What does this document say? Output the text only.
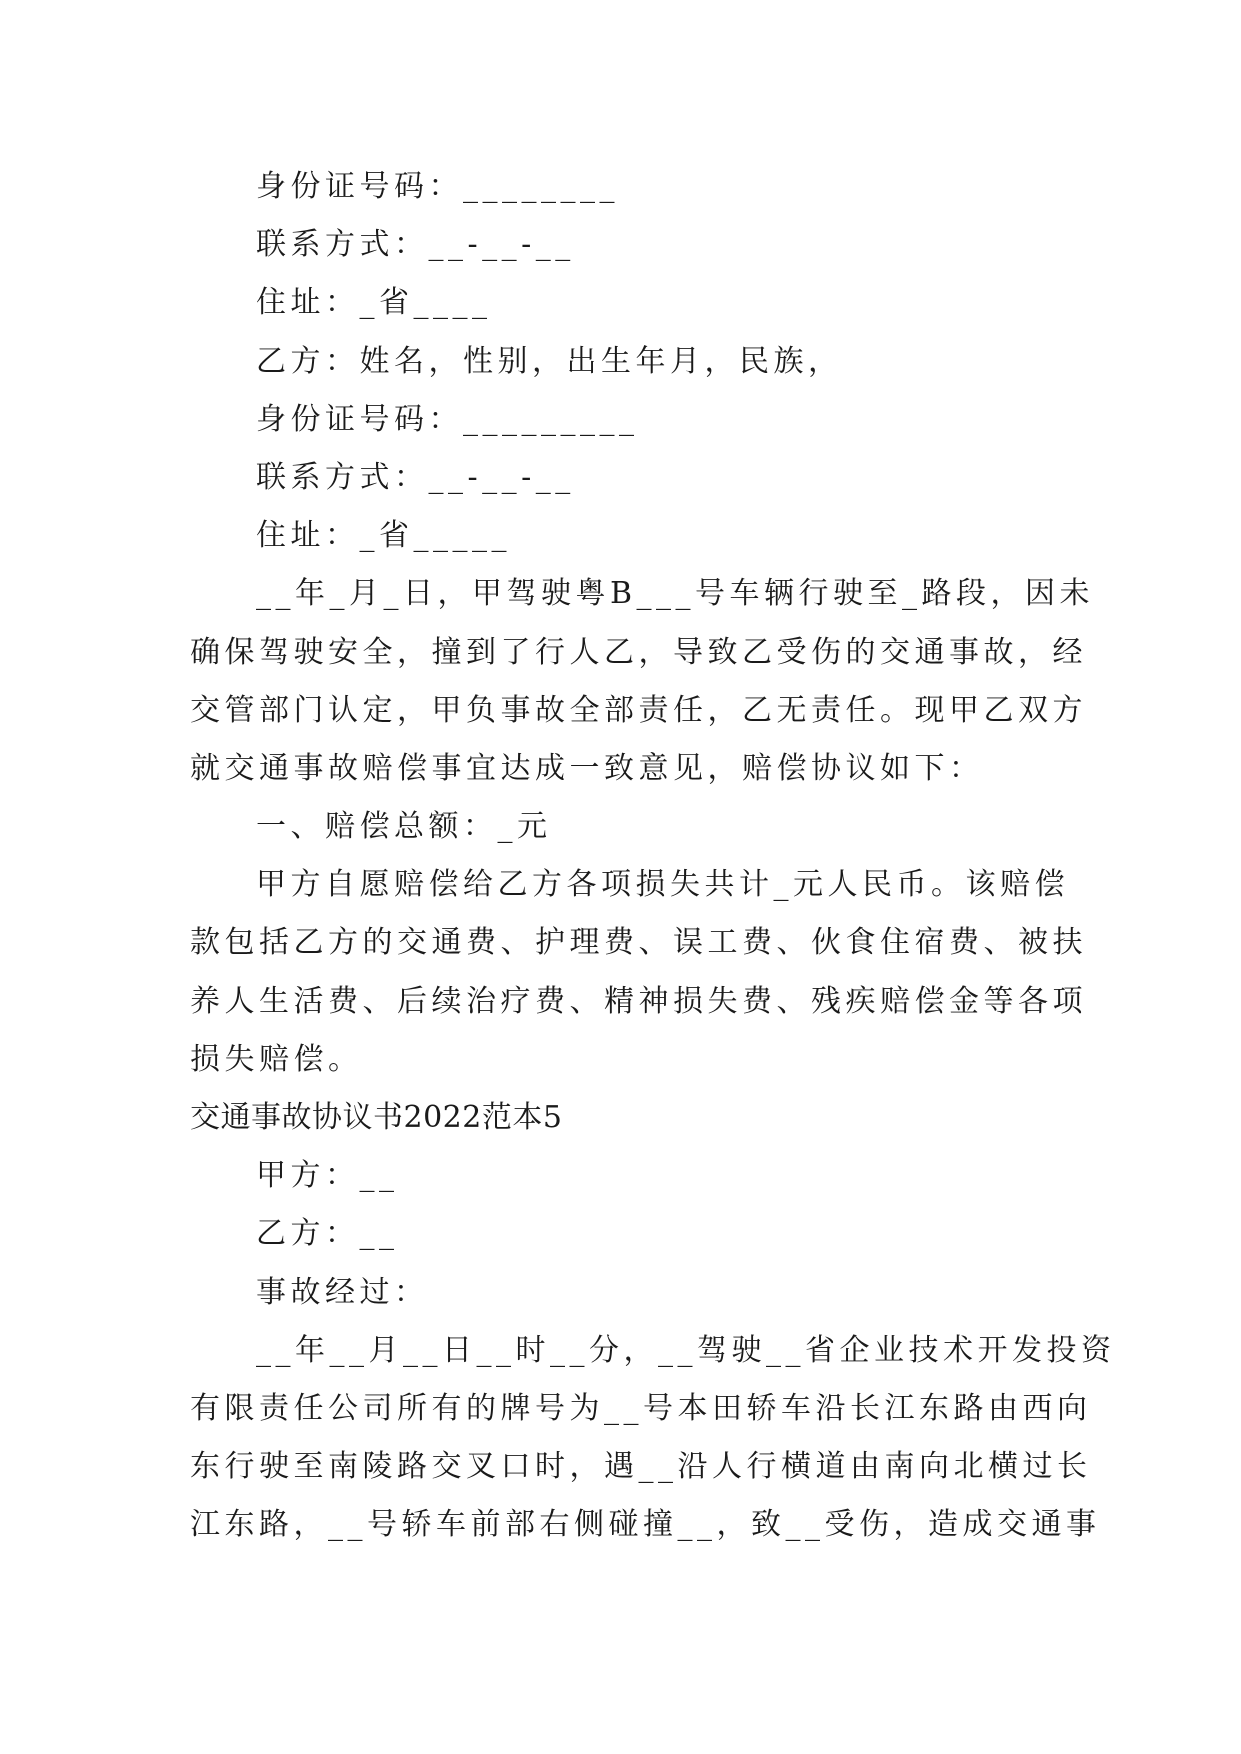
身份证号码：________
联系方式：__-__-__
住址：_省____
乙方：姓名，性别，出生年月，民族，
身份证号码：_________
联系方式：__-__-__
住址：_省_____
__年_月_日，甲驾驶粤B___号车辆行驶至_路段，因未
确保驾驶安全，撞到了行人乙，导致乙受伤的交通事故，经
交管部门认定，甲负事故全部责任，乙无责任。现甲乙双方
就交通事故赔偿事宜达成一致意见，赔偿协议如下：
一、赔偿总额：_元
甲方自愿赔偿给乙方各项损失共计_元人民币。该赔偿
款包括乙方的交通费、护理费、误工费、伙食住宿费、被扶
养人生活费、后续治疗费、精神损失费、残疾赔偿金等各项
损失赔偿。
交通事故协议书2022范本5
甲方：__
乙方：__
事故经过：
__年__月__日__时__分，__驾驶__省企业技术开发投资
有限责任公司所有的牌号为__号本田轿车沿长江东路由西向
东行驶至南陵路交叉口时，遇__沿人行横道由南向北横过长
江东路，__号轿车前部右侧碰撞__，致__受伤，造成交通事
